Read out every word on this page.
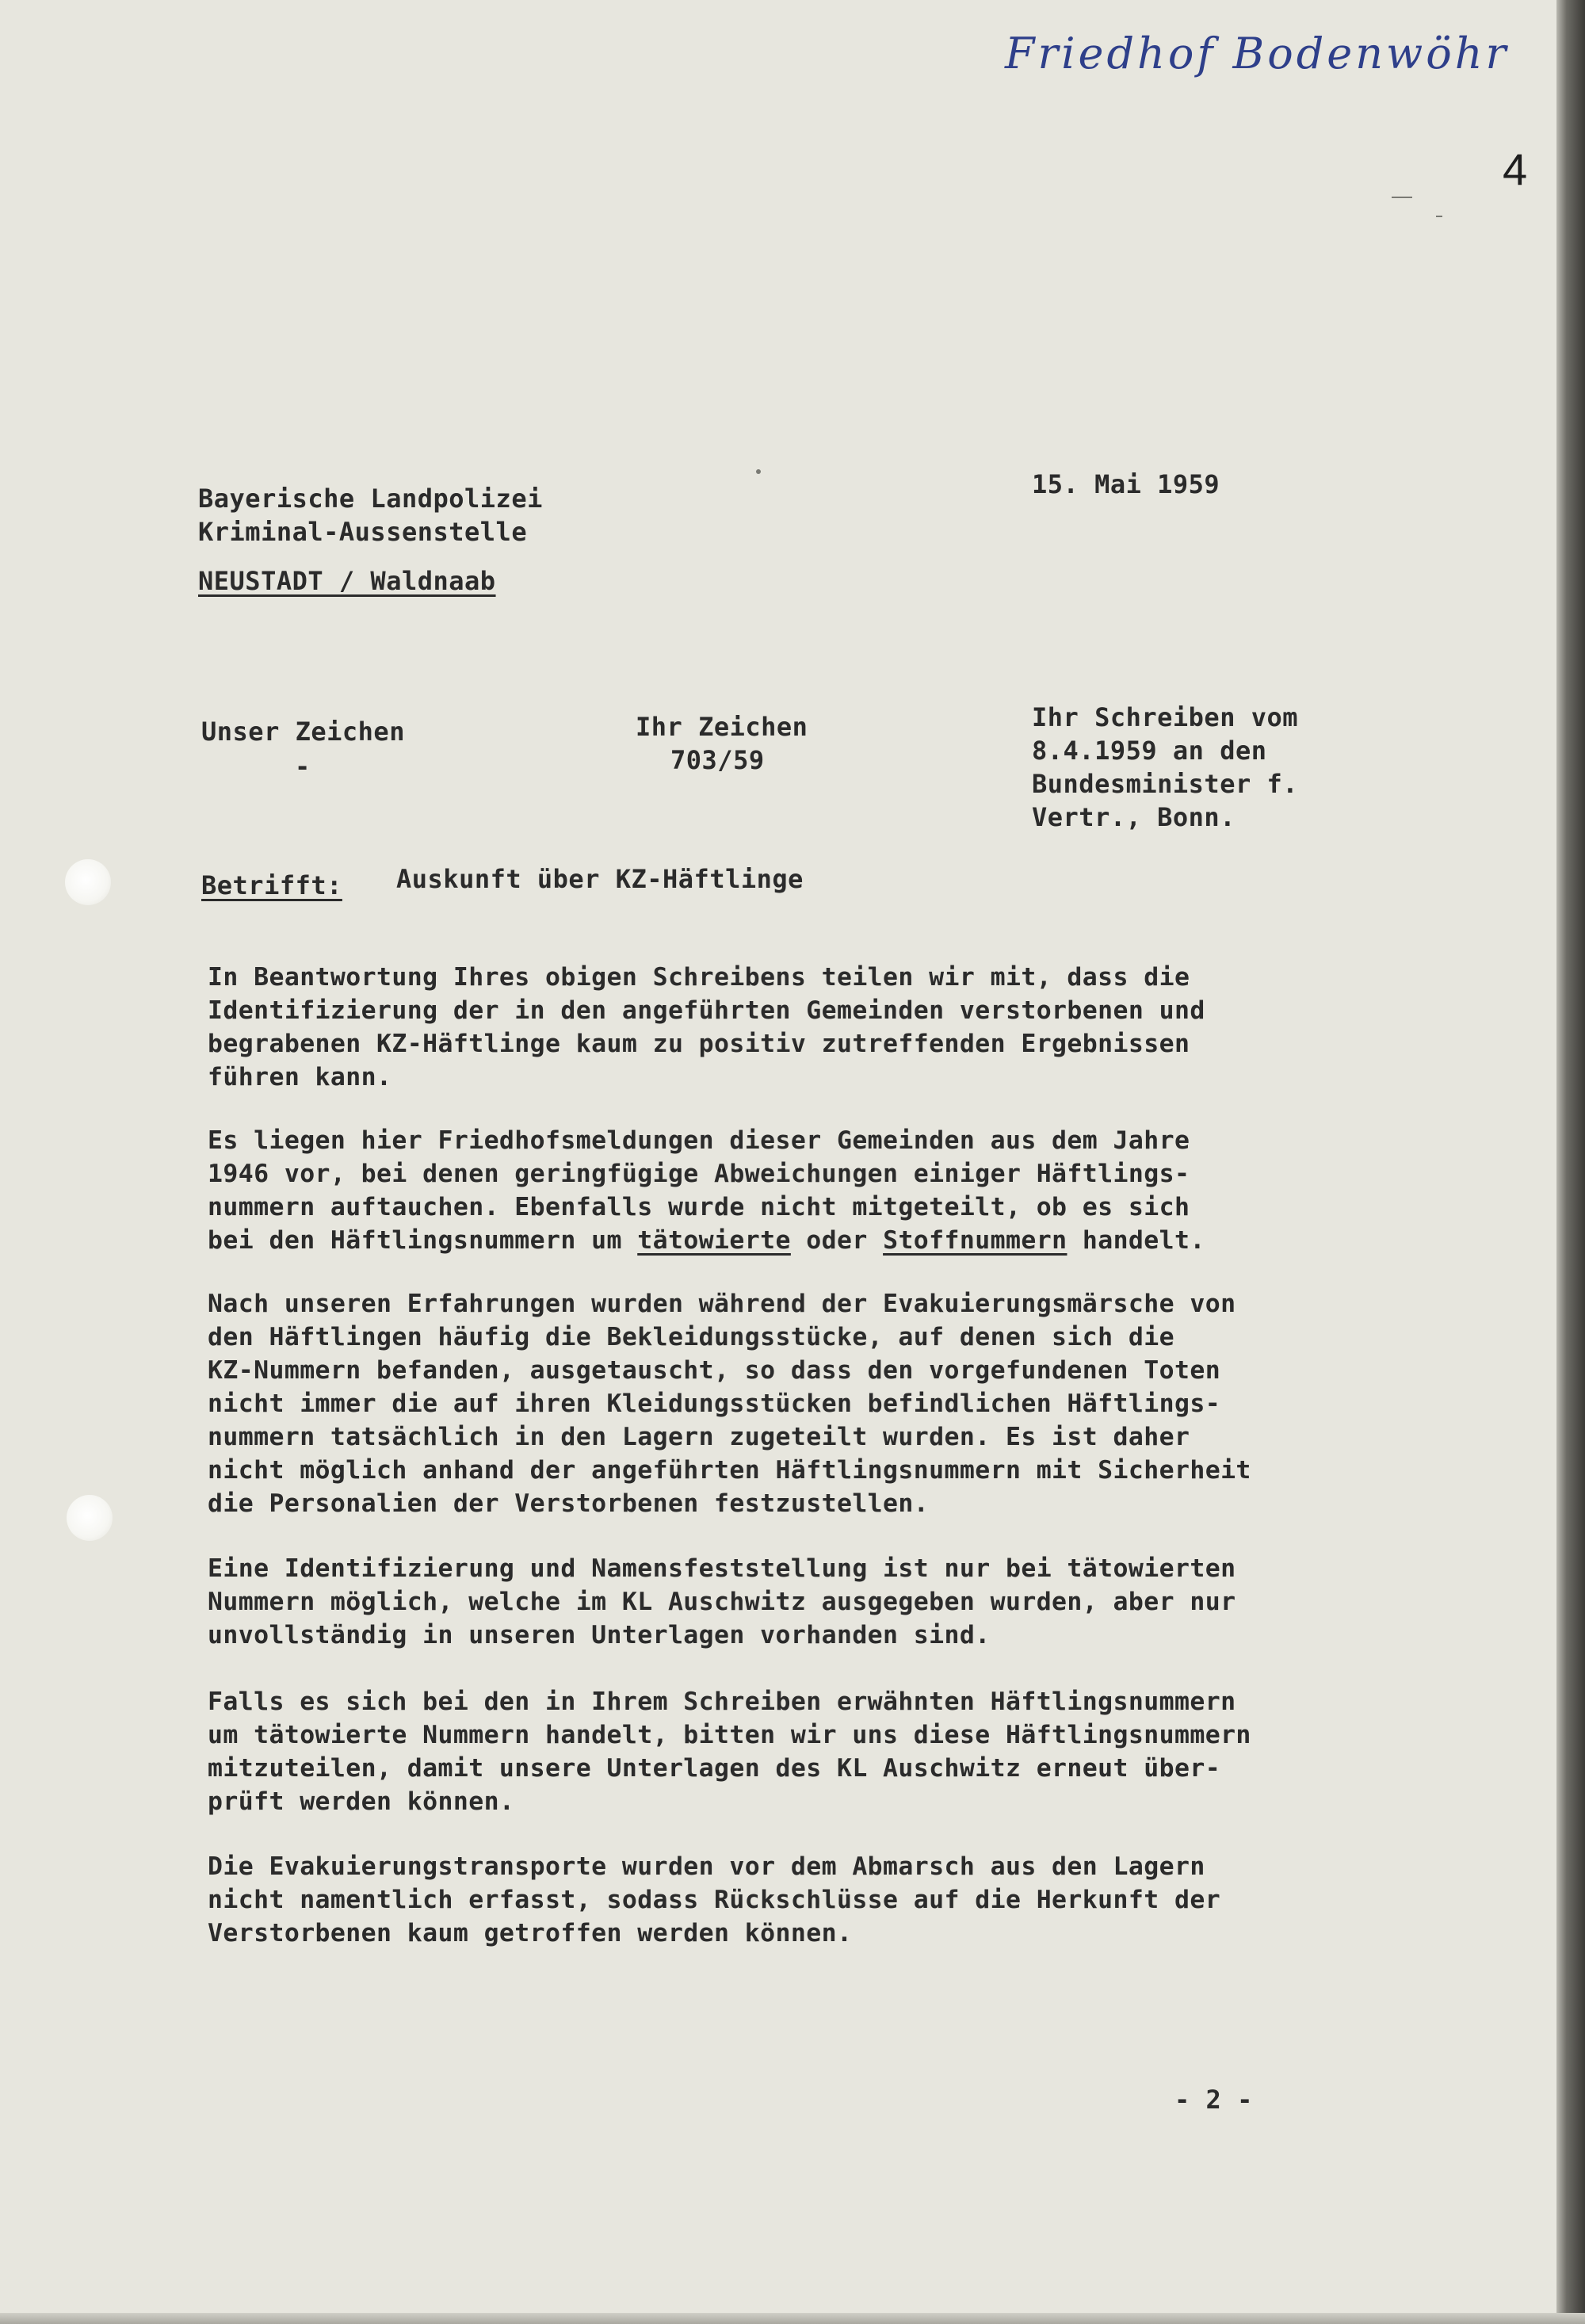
Friedhof Bodenwöhr
4
Bayerische Landpolizei
Kriminal-Aussenstelle
NEUSTADT / Waldnaab
15. Mai 1959
Unser Zeichen
-
Ihr Zeichen
703/59
Ihr Schreiben vom
8.4.1959 an den
Bundesminister f.
Vertr., Bonn.
Betrifft: Auskunft über KZ-Häftlinge
In Beantwortung Ihres obigen Schreibens teilen wir mit, dass die
Identifizierung der in den angeführten Gemeinden verstorbenen und
begrabenen KZ-Häftlinge kaum zu positiv zutreffenden Ergebnissen
führen kann.
Es liegen hier Friedhofsmeldungen dieser Gemeinden aus dem Jahre
1946 vor, bei denen geringfügige Abweichungen einiger Häftlings-
nummern auftauchen. Ebenfalls wurde nicht mitgeteilt, ob es sich
bei den Häftlingsnummern um tätowierte oder Stoffnummern handelt.
Nach unseren Erfahrungen wurden während der Evakuierungsmärsche von
den Häftlingen häufig die Bekleidungsstücke, auf denen sich die
KZ-Nummern befanden, ausgetauscht, so dass den vorgefundenen Toten
nicht immer die auf ihren Kleidungsstücken befindlichen Häftlings-
nummern tatsächlich in den Lagern zugeteilt wurden. Es ist daher
nicht möglich anhand der angeführten Häftlingsnummern mit Sicherheit
die Personalien der Verstorbenen festzustellen.
Eine Identifizierung und Namensfeststellung ist nur bei tätowierten
Nummern möglich, welche im KL Auschwitz ausgegeben wurden, aber nur
unvollständig in unseren Unterlagen vorhanden sind.
Falls es sich bei den in Ihrem Schreiben erwähnten Häftlingsnummern
um tätowierte Nummern handelt, bitten wir uns diese Häftlingsnummern
mitzuteilen, damit unsere Unterlagen des KL Auschwitz erneut über-
prüft werden können.
Die Evakuierungstransporte wurden vor dem Abmarsch aus den Lagern
nicht namentlich erfasst, sodass Rückschlüsse auf die Herkunft der
Verstorbenen kaum getroffen werden können.
- 2 -
